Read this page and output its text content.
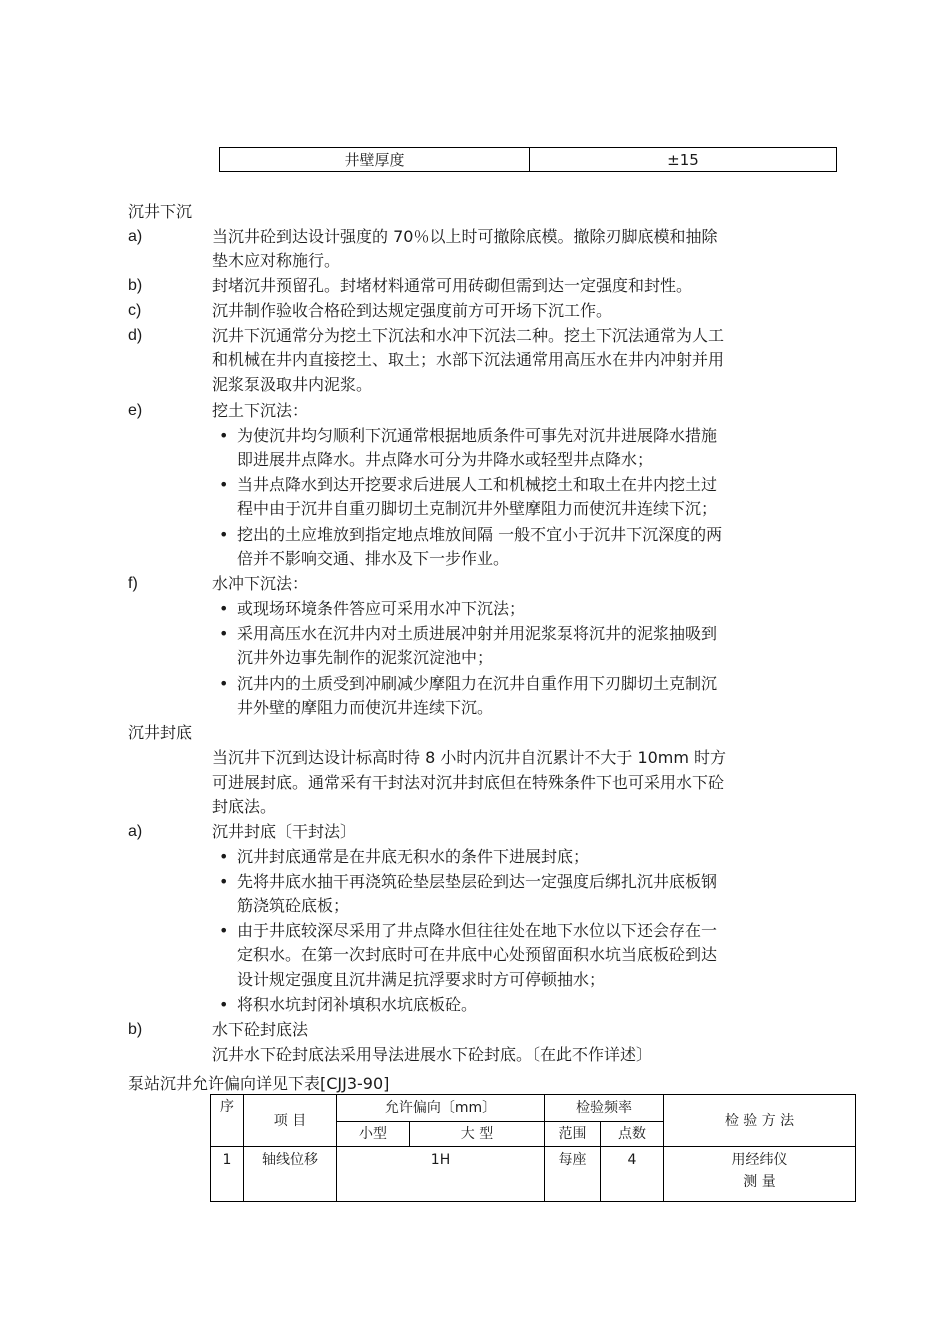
井壁厚度	±15
沉井下沉
a)	当沉井砼到达设计强度的 70％以上时可撤除底模。撤除刃脚底模和抽除
垫木应对称施行。
b)	封堵沉井预留孔。封堵材料通常可用砖砌但需到达一定强度和封性。
c)	沉井制作验收合格砼到达规定强度前方可开场下沉工作。
d)	沉井下沉通常分为挖土下沉法和水冲下沉法二种。挖土下沉法通常为人工
和机械在井内直接挖土、取土；水部下沉法通常用高压水在井内冲射并用
泥浆泵汲取井内泥浆。
e)	挖土下沉法：
• 为使沉井均匀顺利下沉通常根据地质条件可事先对沉井进展降水措施
即进展井点降水。井点降水可分为井降水或轻型井点降水；
• 当井点降水到达开挖要求后进展人工和机械挖土和取土在井内挖土过
程中由于沉井自重刃脚切土克制沉井外壁摩阻力而使沉井连续下沉；
• 挖出的土应堆放到指定地点堆放间隔 一般不宜小于沉井下沉深度的两
倍并不影响交通、排水及下一步作业。
f)	水冲下沉法：
• 或现场环境条件答应可采用水冲下沉法；
• 采用高压水在沉井内对土质进展冲射并用泥浆泵将沉井的泥浆抽吸到
沉井外边事先制作的泥浆沉淀池中；
• 沉井内的土质受到冲刷减少摩阻力在沉井自重作用下刃脚切土克制沉
井外壁的摩阻力而使沉井连续下沉。
沉井封底
当沉井下沉到达设计标高时待 8 小时内沉井自沉累计不大于 10mm 时方
可进展封底。通常采有干封法对沉井封底但在特殊条件下也可采用水下砼
封底法。
a)	沉井封底〔干封法〕
• 沉井封底通常是在井底无积水的条件下进展封底；
• 先将井底水抽干再浇筑砼垫层垫层砼到达一定强度后绑扎沉井底板钢
筋浇筑砼底板；
• 由于井底较深尽采用了井点降水但往往处在地下水位以下还会存在一
定积水。在第一次封底时可在井底中心处预留面积水坑当底板砼到达
设计规定强度且沉井满足抗浮要求时方可停顿抽水；
• 将积水坑封闭补填积水坑底板砼。
b)	水下砼封底法
沉井水下砼封底法采用导法进展水下砼封底。〔在此不作详述〕
泵站沉井允许偏向详见下表[CJJ3-90]
序	项 目	允许偏向〔mm〕		检验频率		检 验 方 法
		小型	大 型	范围	点数	
1	轴线位移	1H		每座	4	用经纬仪
测 量
